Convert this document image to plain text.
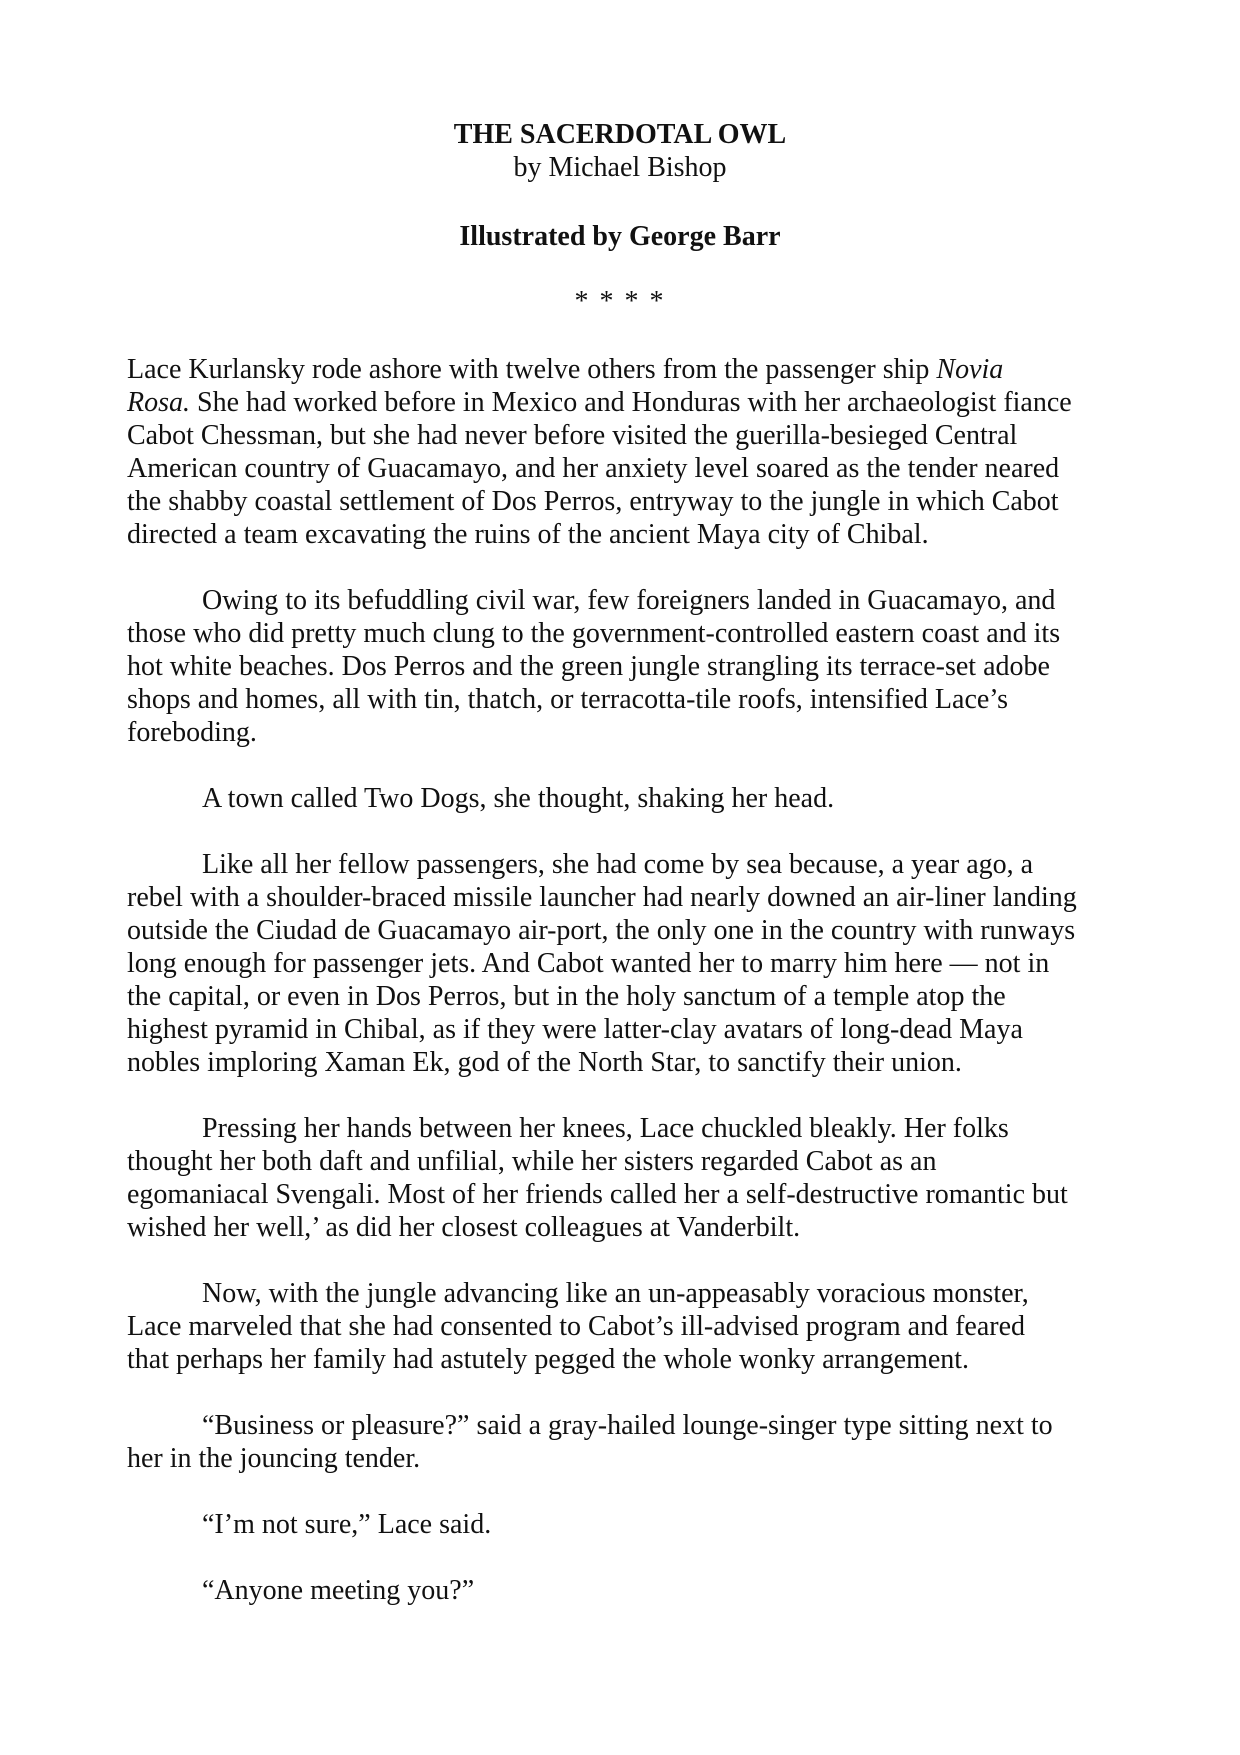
THE SACERDOTAL OWL
by Michael Bishop
Illustrated by George Barr
* * * *

Lace Kurlansky rode ashore with twelve others from the passenger ship Novia
Rosa. She had worked before in Mexico and Honduras with her archaeologist fiance
Cabot Chessman, but she had never before visited the guerilla-besieged Central
American country of Guacamayo, and her anxiety level soared as the tender neared
the shabby coastal settlement of Dos Perros, entryway to the jungle in which Cabot
directed a team excavating the ruins of the ancient Maya city of Chibal.

Owing to its befuddling civil war, few foreigners landed in Guacamayo, and
those who did pretty much clung to the government-controlled eastern coast and its
hot white beaches. Dos Perros and the green jungle strangling its terrace-set adobe
shops and homes, all with tin, thatch, or terracotta-tile roofs, intensified Lace’s
foreboding.

A town called Two Dogs, she thought, shaking her head.

Like all her fellow passengers, she had come by sea because, a year ago, a
rebel with a shoulder-braced missile launcher had nearly downed an air-liner landing
outside the Ciudad de Guacamayo air-port, the only one in the country with runways
long enough for passenger jets. And Cabot wanted her to marry him here — not in
the capital, or even in Dos Perros, but in the holy sanctum of a temple atop the
highest pyramid in Chibal, as if they were latter-clay avatars of long-dead Maya
nobles imploring Xaman Ek, god of the North Star, to sanctify their union.

Pressing her hands between her knees, Lace chuckled bleakly. Her folks
thought her both daft and unfilial, while her sisters regarded Cabot as an
egomaniacal Svengali. Most of her friends called her a self-destructive romantic but
wished her well,’ as did her closest colleagues at Vanderbilt.

Now, with the jungle advancing like an un-appeasably voracious monster,
Lace marveled that she had consented to Cabot’s ill-advised program and feared
that perhaps her family had astutely pegged the whole wonky arrangement.

“Business or pleasure?” said a gray-hailed lounge-singer type sitting next to
her in the jouncing tender.

“I’m not sure,” Lace said.

“Anyone meeting you?”
